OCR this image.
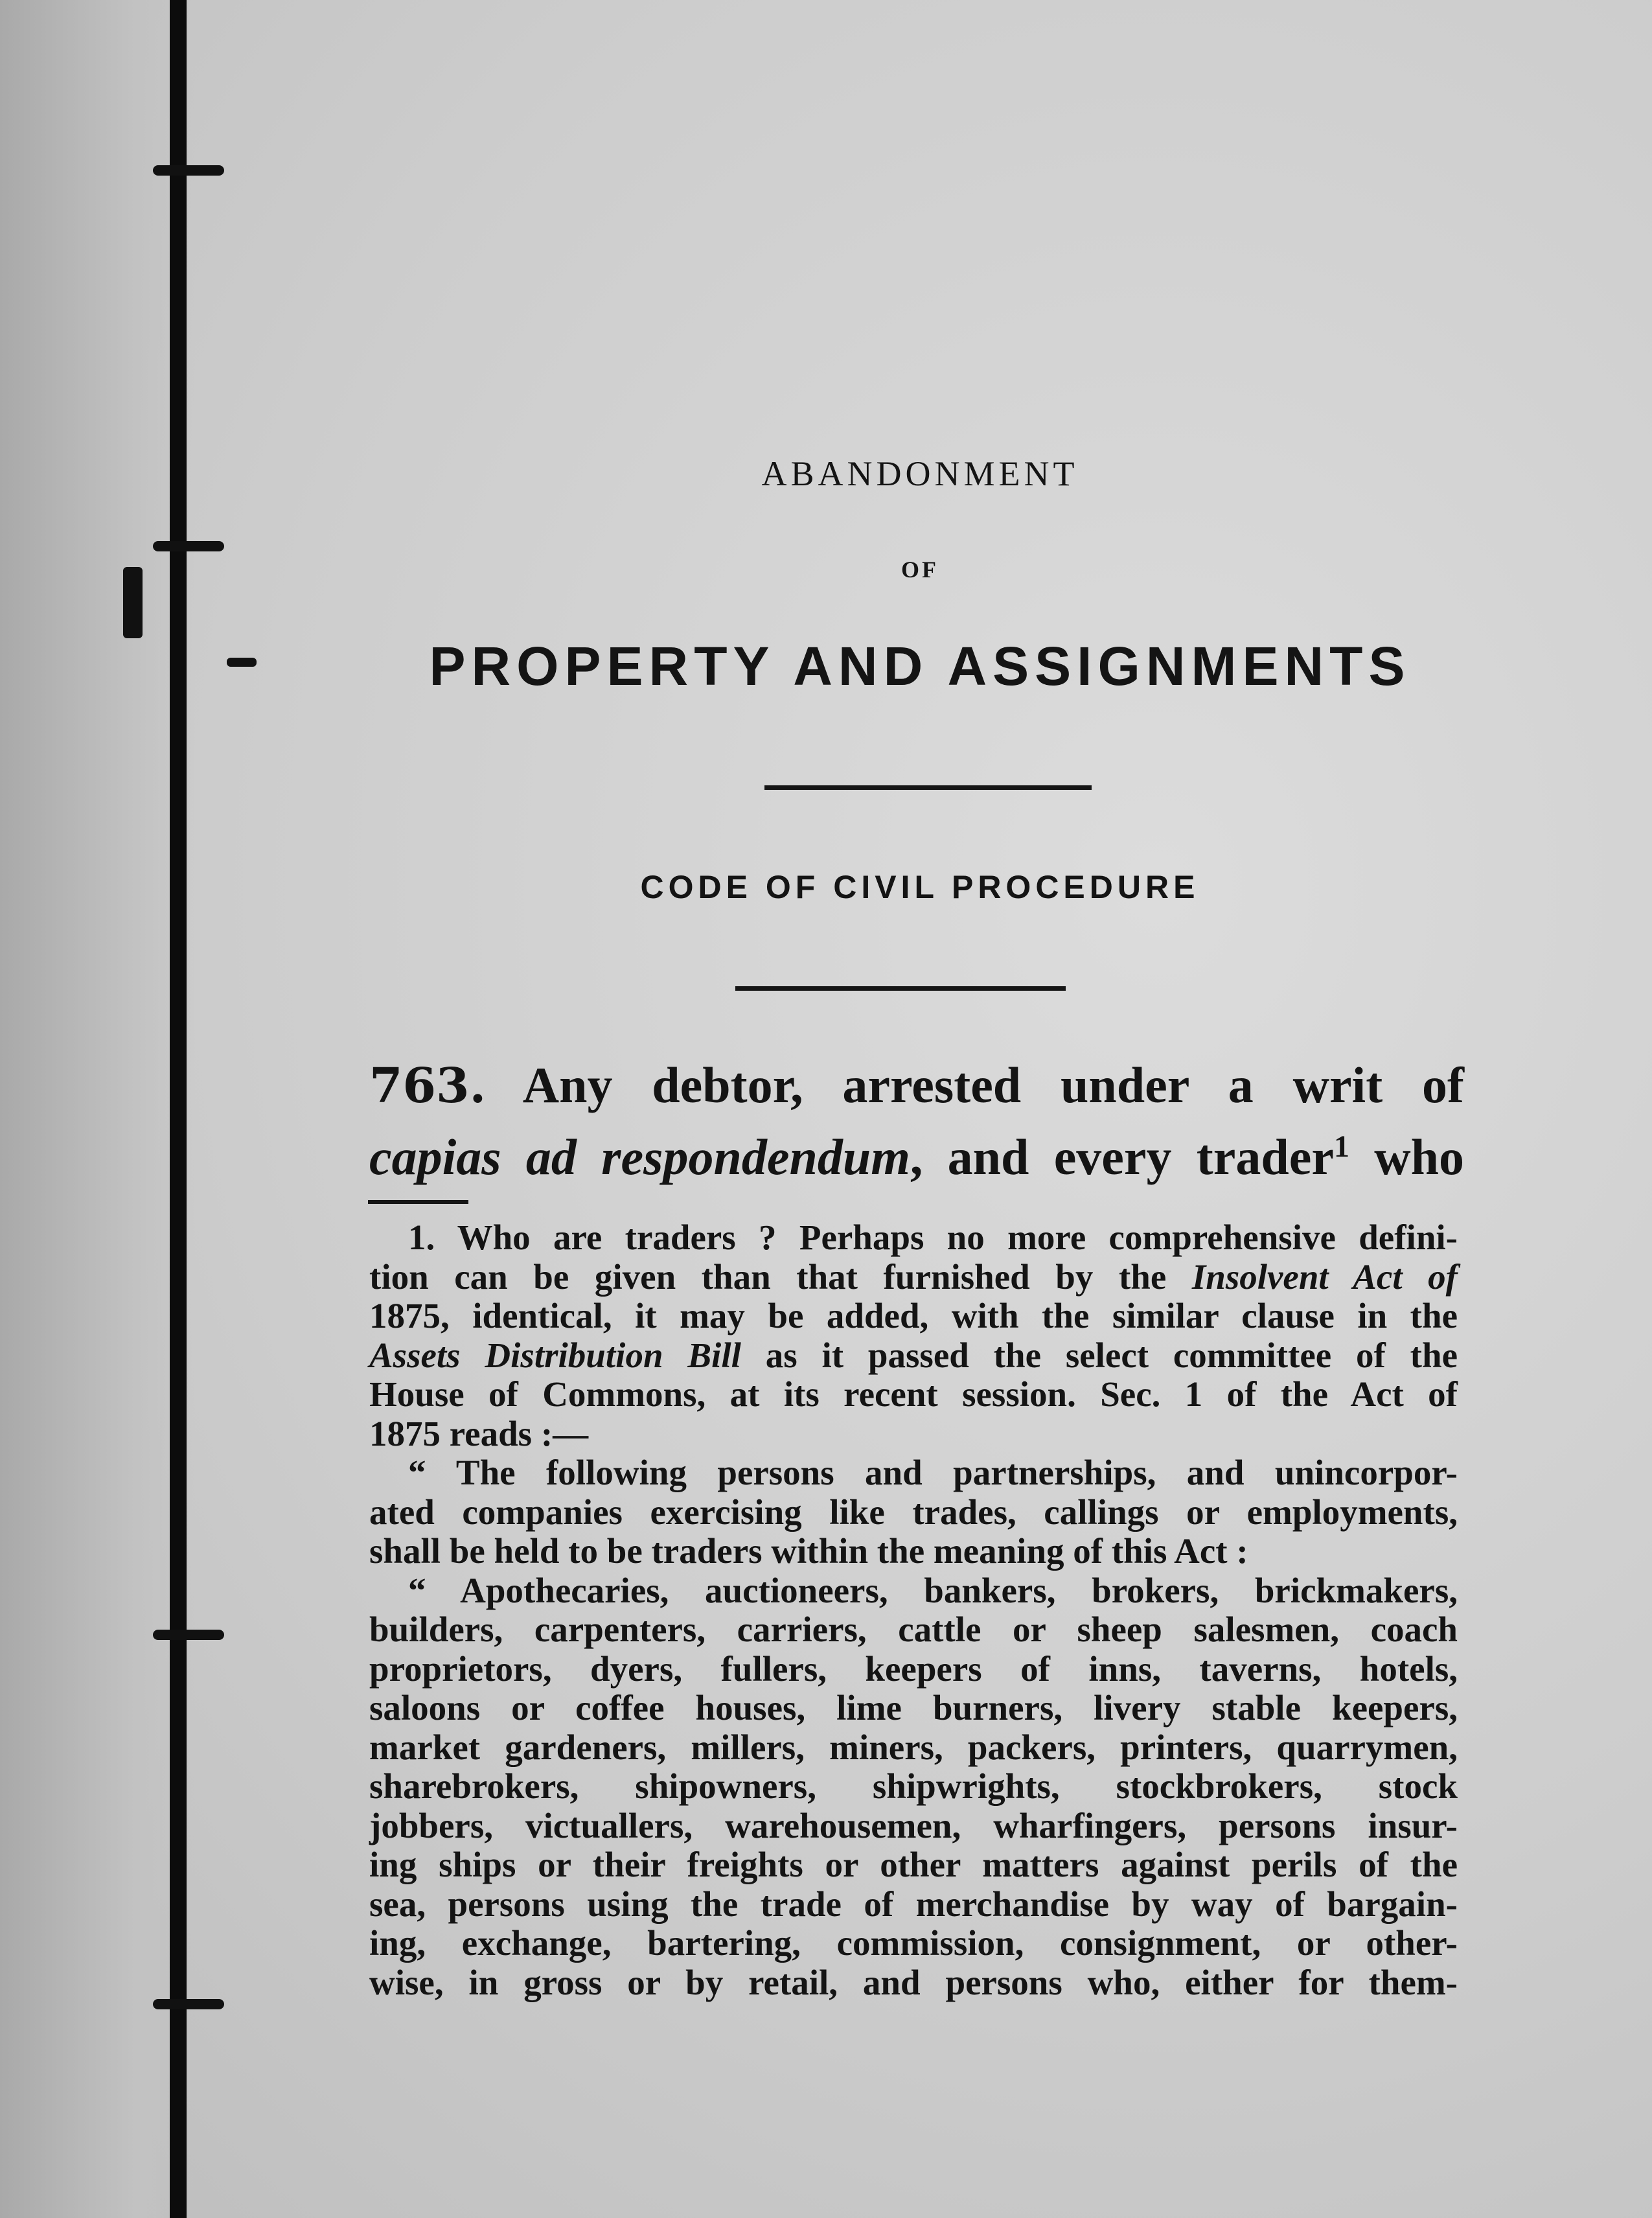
ABANDONMENT
OF
PROPERTY AND ASSIGNMENTS
CODE OF CIVIL PROCEDURE
763. Any debtor, arrested under a writ of
capias ad respondendum, and every trader$^1$ who
1. Who are traders ? Perhaps no more comprehensive defini-
tion can be given than that furnished by the Insolvent Act of
1875, identical, it may be added, with the similar clause in the
Assets Distribution Bill as it passed the select committee of the
House of Commons, at its recent session. Sec. 1 of the Act of
1875 reads :—
“ The following persons and partnerships, and unincorpor-
ated companies exercising like trades, callings or employments,
shall be held to be traders within the meaning of this Act :
“ Apothecaries, auctioneers, bankers, brokers, brickmakers,
builders, carpenters, carriers, cattle or sheep salesmen, coach
proprietors, dyers, fullers, keepers of inns, taverns, hotels,
saloons or coffee houses, lime burners, livery stable keepers,
market gardeners, millers, miners, packers, printers, quarrymen,
sharebrokers, shipowners, shipwrights, stockbrokers, stock
jobbers, victuallers, warehousemen, wharfingers, persons insur-
ing ships or their freights or other matters against perils of the
sea, persons using the trade of merchandise by way of bargain-
ing, exchange, bartering, commission, consignment, or other-
wise, in gross or by retail, and persons who, either for them-
